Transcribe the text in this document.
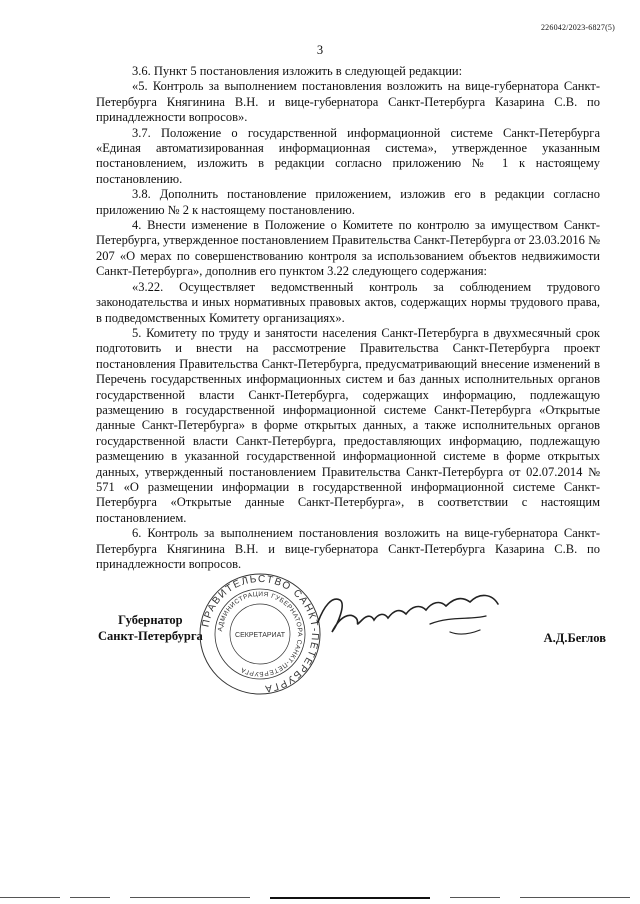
226042/2023-6827(5)
3

3.6. Пункт 5 постановления изложить в следующей редакции:

«5. Контроль за выполнением постановления возложить на вице-губернатора Санкт-Петербурга Княгинина В.Н. и вице-губернатора Санкт-Петербурга Казарина С.В. по принадлежности вопросов».

3.7. Положение о государственной информационной системе Санкт-Петербурга «Единая автоматизированная информационная система», утвержденное указанным постановлением, изложить в редакции согласно приложению № 1 к настоящему постановлению.

3.8. Дополнить постановление приложением, изложив его в редакции согласно приложению № 2 к настоящему постановлению.

4. Внести изменение в Положение о Комитете по контролю за имуществом Санкт-Петербурга, утвержденное постановлением Правительства Санкт-Петербурга от 23.03.2016 № 207 «О мерах по совершенствованию контроля за использованием объектов недвижимости Санкт-Петербурга», дополнив его пунктом 3.22 следующего содержания:

«3.22. Осуществляет ведомственный контроль за соблюдением трудового законодательства и иных нормативных правовых актов, содержащих нормы трудового права, в подведомственных Комитету организациях».

5. Комитету по труду и занятости населения Санкт-Петербурга в двухмесячный срок подготовить и внести на рассмотрение Правительства Санкт-Петербурга проект постановления Правительства Санкт-Петербурга, предусматривающий внесение изменений в Перечень государственных информационных систем и баз данных исполнительных органов государственной власти Санкт-Петербурга, содержащих информацию, подлежащую размещению в государственной информационной системе Санкт-Петербурга «Открытые данные Санкт-Петербурга» в форме открытых данных, а также исполнительных органов государственной власти Санкт-Петербурга, предоставляющих информацию, подлежащую размещению в указанной государственной информационной системе в форме открытых данных, утвержденный постановлением Правительства Санкт-Петербурга от 02.07.2014 № 571 «О размещении информации в государственной информационной системе Санкт-Петербурга «Открытые данные Санкт-Петербурга», в соответствии с настоящим постановлением.

6. Контроль за выполнением постановления возложить на вице-губернатора Санкт-Петербурга Княгинина В.Н. и вице-губернатора Санкт-Петербурга Казарина С.В. по принадлежности вопросов.

Губернатор
Санкт-Петербурга
ПРАВИТЕЛЬСТВО САНКТ-ПЕТЕРБУРГА
АДМИНИСТРАЦИЯ ГУБЕРНАТОРА САНКТ-ПЕТЕРБУРГА
СЕКРЕТАРИАТ	А.Д.Беглов
